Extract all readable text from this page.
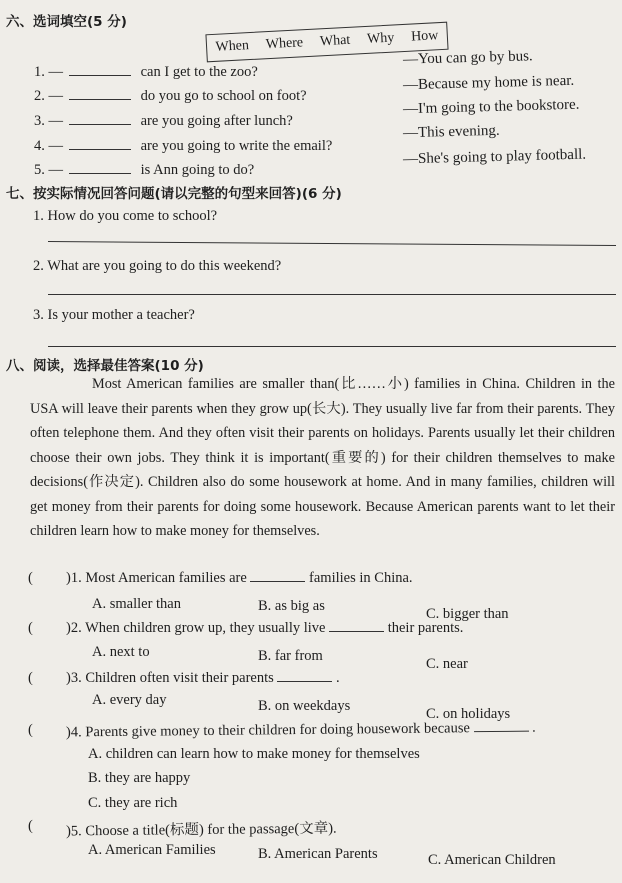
六、选词填空(5 分)
When Where What Why How
1. —	can I get to the zoo?
—You can go by bus.
2. —	do you go to school on foot?
—Because my home is near.
3. —	are you going after lunch?
—I'm going to the bookstore.
4. —	are you going to write the email?
—This evening.
5. —	is Ann going to do?
—She's going to play football.
七、按实际情况回答问题(请以完整的句型来回答)(6 分)
1. How do you come to school?
2. What are you going to do this weekend?
3. Is your mother a teacher?
八、阅读，选择最佳答案(10 分)
Most American families are smaller than(比……小) families in China. Children in the USA will leave their parents when they grow up(长大). They usually live far from their parents. They often telephone them. And they often visit their parents on holidays. Parents usually let their children choose their own jobs. They think it is important(重要的) for their children themselves to make decisions(作决定). Children also do some housework at home. And in many families, children will get money from their parents for doing some housework. Because American parents want to let their children learn how to make money for themselves.
( )1. Most American families are	families in China.
A. smaller than	B. as big as	C. bigger than
( )2. When children grow up, they usually live	their parents.
A. next to	B. far from	C. near
( )3. Children often visit their parents	.
A. every day	B. on weekdays	C. on holidays
( )4. Parents give money to their children for doing housework because	.
A. children can learn how to make money for themselves
B. they are happy
C. they are rich
( )5. Choose a title(标题) for the passage(文章).
A. American Families	B. American Parents	C. American Children
